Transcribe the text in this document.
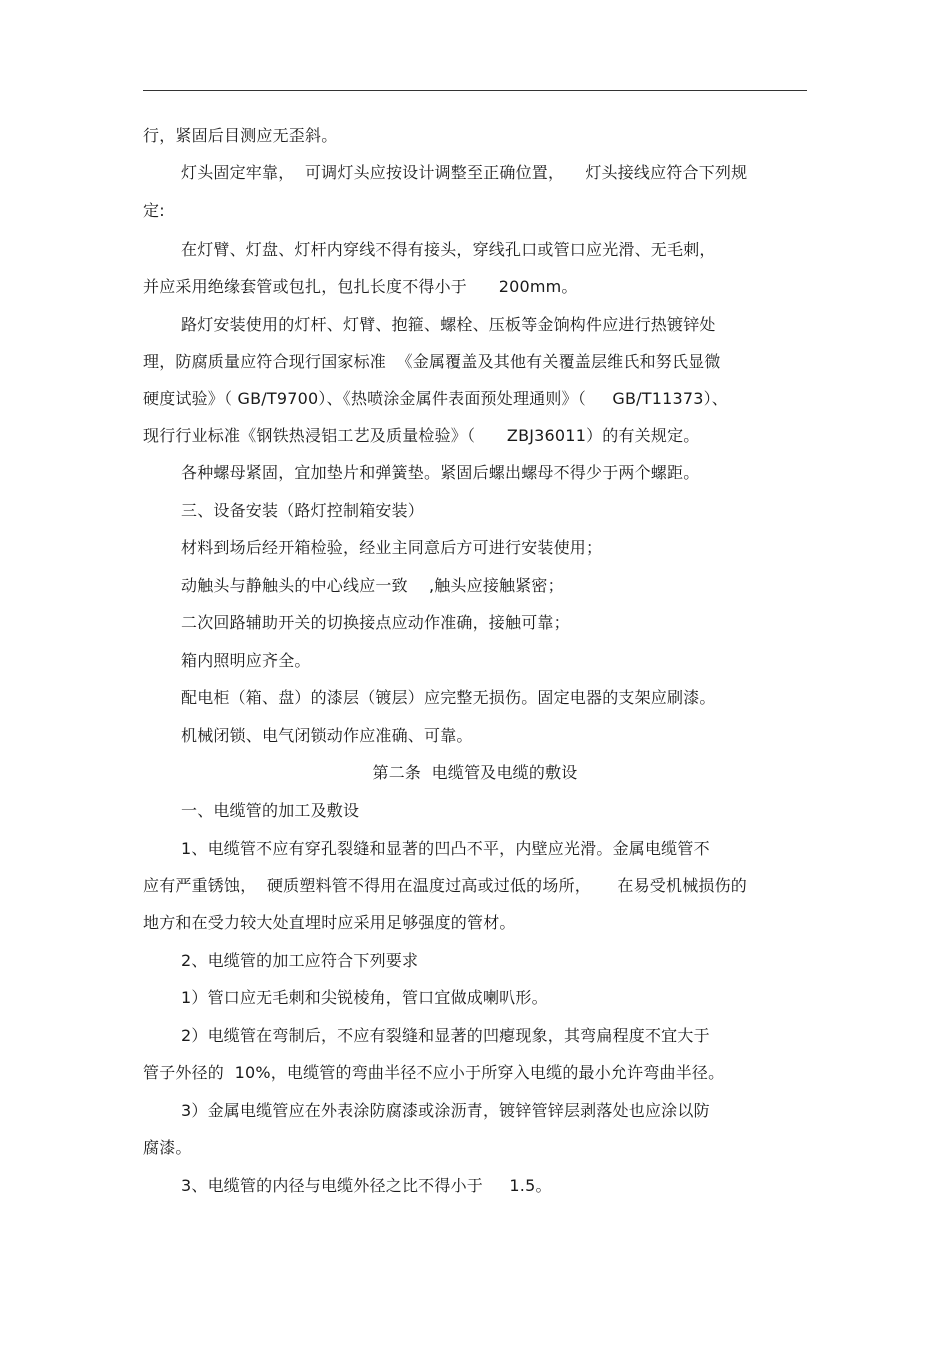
行，紧固后目测应无歪斜。
灯头固定牢靠，  可调灯头应按设计调整至正确位置，    灯头接线应符合下列规
定:
在灯臂、灯盘、灯杆内穿线不得有接头，穿线孔口或管口应光滑、无毛刺，
并应采用绝缘套管或包扎，包扎长度不得小于      200mm。
路灯安装使用的灯杆、灯臂、抱箍、螺栓、压板等金饷构件应进行热镀锌处
理，防腐质量应符合现行国家标准  《金属覆盖及其他有关覆盖层维氏和努氏显微
硬度试验》（ GB/T9700）、《热喷涂金属件表面预处理通则》（     GB/T11373）、
现行行业标准《钢铁热浸铝工艺及质量检验》（      ZBJ36011）的有关规定。
各种螺母紧固，宜加垫片和弹簧垫。紧固后螺出螺母不得少于两个螺距。
三、设备安装（路灯控制箱安装）
材料到场后经开箱检验，经业主同意后方可进行安装使用；
动触头与静触头的中心线应一致    ,触头应接触紧密；
二次回路辅助开关的切换接点应动作准确，接触可靠；
箱内照明应齐全。
配电柜（箱、盘）的漆层（镀层）应完整无损伤。固定电器的支架应刷漆。
机械闭锁、电气闭锁动作应准确、可靠。
第二条  电缆管及电缆的敷设
一、电缆管的加工及敷设
1、电缆管不应有穿孔裂缝和显著的凹凸不平，内壁应光滑。金属电缆管不
应有严重锈蚀，  硬质塑料管不得用在温度过高或过低的场所，     在易受机械损伤的
地方和在受力较大处直埋时应采用足够强度的管材。
2、电缆管的加工应符合下列要求
1）管口应无毛刺和尖锐棱角，管口宜做成喇叭形。
2）电缆管在弯制后，不应有裂缝和显著的凹瘪现象，其弯扁程度不宜大于
管子外径的  10%，电缆管的弯曲半径不应小于所穿入电缆的最小允许弯曲半径。
3）金属电缆管应在外表涂防腐漆或涂沥青，镀锌管锌层剥落处也应涂以防
腐漆。
3、电缆管的内径与电缆外径之比不得小于     1.5。
